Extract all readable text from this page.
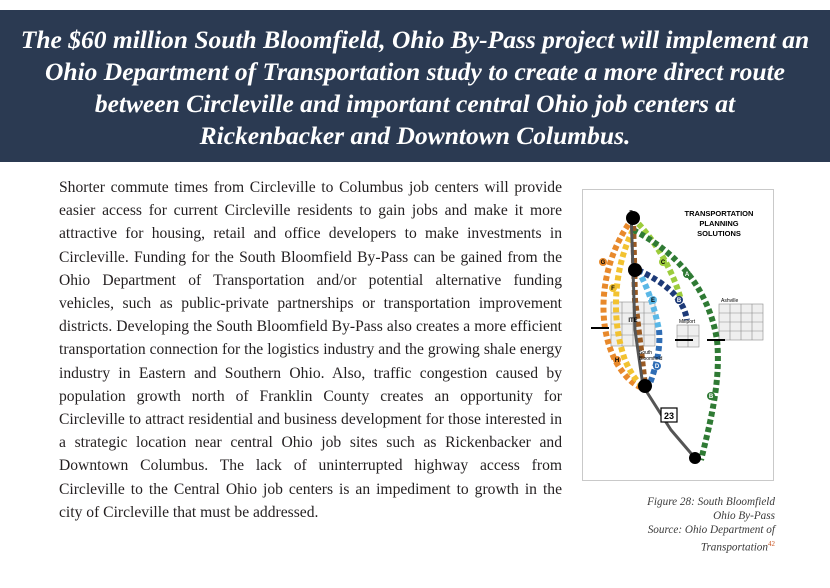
The $60 million South Bloomfield, Ohio By-Pass project will implement an Ohio Department of Transportation study to create a more direct route between Circleville and important central Ohio job centers at Rickenbacker and Downtown Columbus.
Shorter commute times from Circleville to Columbus job centers will provide easier access for current Circleville residents to gain jobs and make it more attractive for housing, retail and office developers to make investments in Circleville. Funding for the South Bloomfield By-Pass can be gained from the Ohio Department of Transportation and/or potential alternative funding vehicles, such as public-private partnerships or transportation improvement districts. Developing the South Bloomfield By-Pass also creates a more efficient transportation connection for the logistics industry and the growing shale energy industry in Eastern and Southern Ohio. Also, traffic congestion caused by population growth north of Franklin County creates an opportunity for Circleville to attract residential and business development for those interested in a strategic location near central Ohio job sites such as Rickenbacker and Downtown Columbus. The lack of uninterrupted highway access from Circleville to the Central Ohio job centers is an impediment to growth in the city of Circleville that must be addressed.
23
G
F
C
A
E	B
H
D
B
TRANSPORTATION
PLANNING
SOLUTIONS
Ashville
ITE	Millport
South
Bloomfield
Figure 28: South Bloomfield
Ohio By-Pass
Source: Ohio Department of
Transportation$^{42}$
